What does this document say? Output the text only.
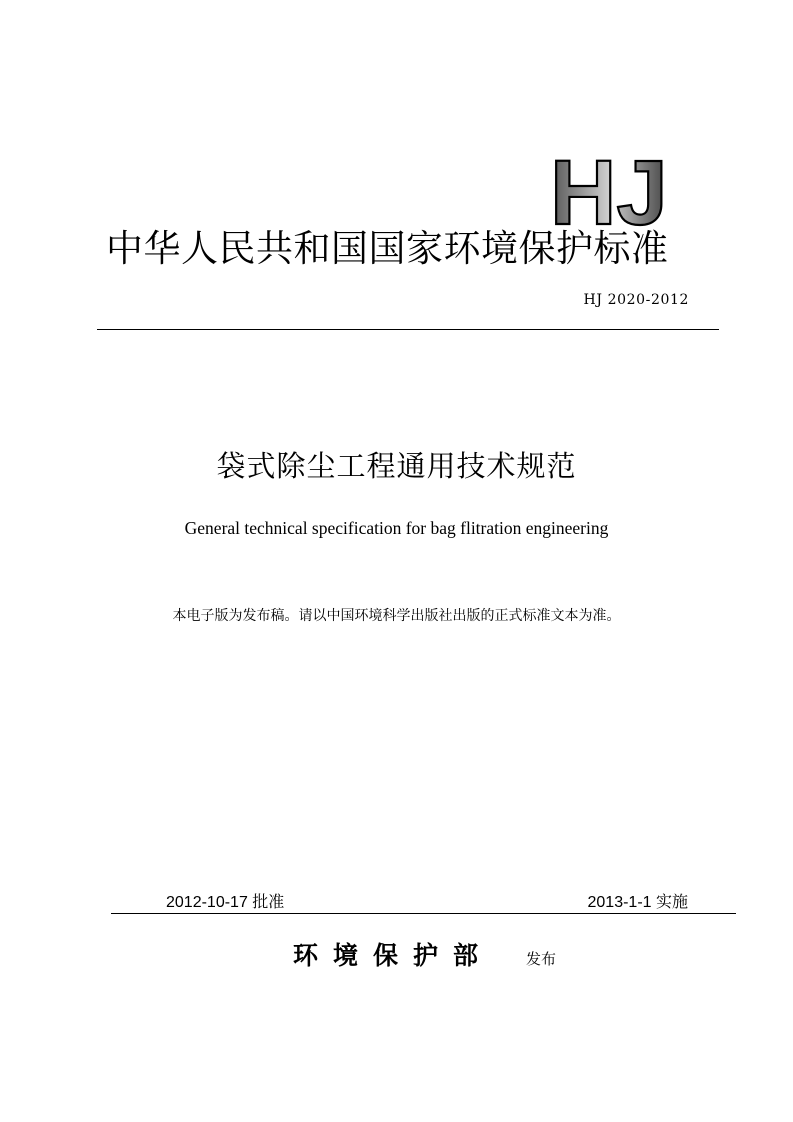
HJ
中华人民共和国国家环境保护标准
HJ 2020-2012
袋式除尘工程通用技术规范
General technical specification for bag flitration engineering
本电子版为发布稿。请以中国环境科学出版社出版的正式标准文本为准。
2012-10-17 批准	2013-1-1 实施
环境保护部 发布
